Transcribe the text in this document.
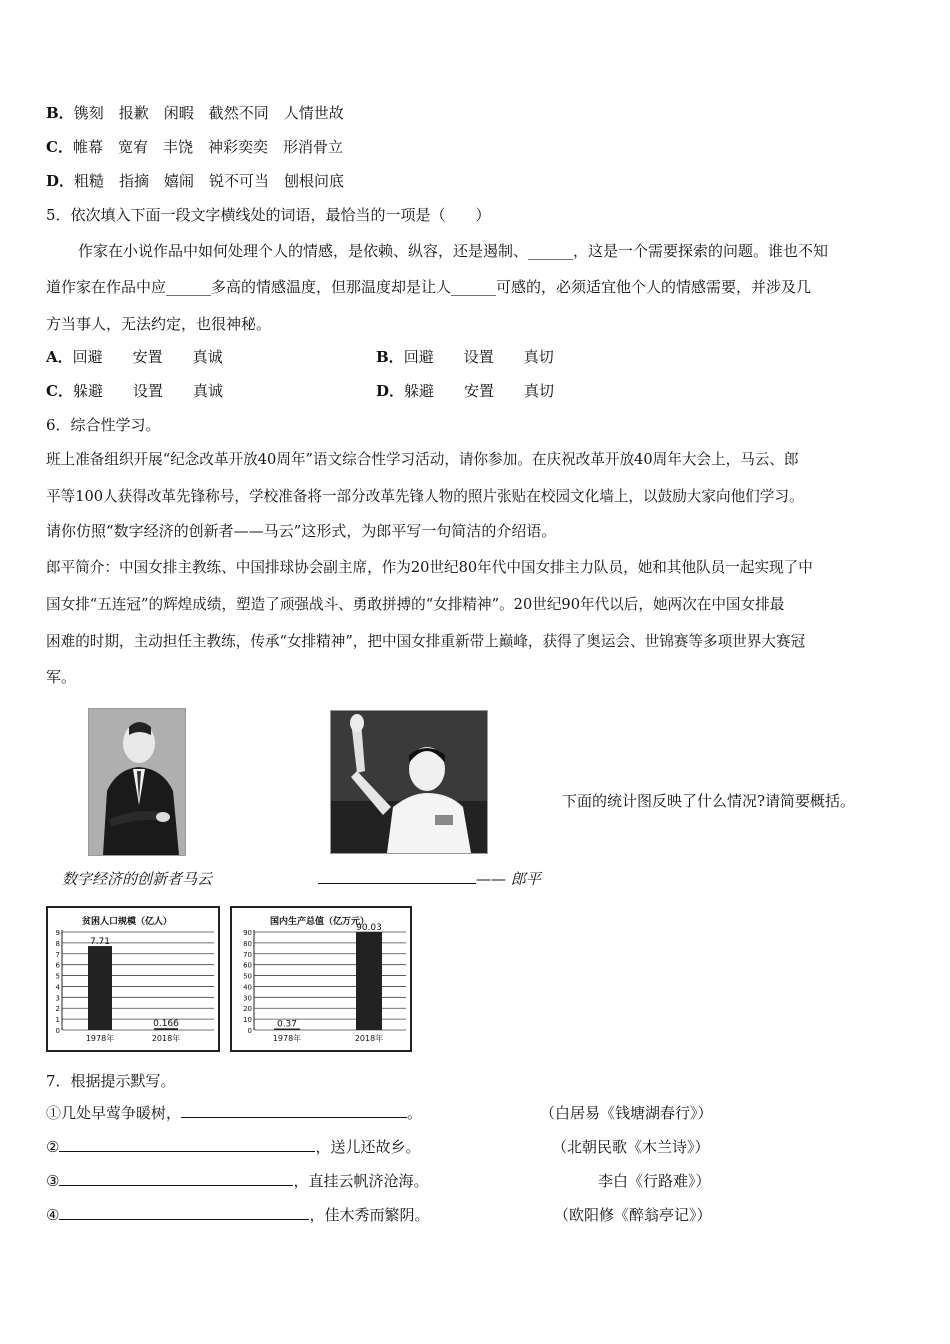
B．镌刻　报歉　闲暇　截然不同　人情世故
C．帷幕　宽宥　丰饶　神彩奕奕　形消骨立
D．粗糙　指摘　嬉闹　锐不可当　刨根问底
5．依次填入下面一段文字横线处的词语，最恰当的一项是（　　）
作家在小说作品中如何处理个人的情感，是依赖、纵容，还是遏制、______，这是一个需要探索的问题。谁也不知
道作家在作品中应______多高的情感温度，但那温度却是让人______可感的，必须适宜他个人的情感需要，并涉及几
方当事人，无法约定，也很神秘。
A．回避　　安置　　真诚	B．回避　　设置　　真切
C．躲避　　设置　　真诚	D．躲避　　安置　　真切
6．综合性学习。
班上准备组织开展“纪念改革开放40周年”语文综合性学习活动，请你参加。在庆祝改革开放40周年大会上，马云、郎
平等100人获得改革先锋称号，学校准备将一部分改革先锋人物的照片张贴在校园文化墙上，以鼓励大家向他们学习。
请你仿照“数字经济的创新者——马云”这形式，为郎平写一句简洁的介绍语。
郎平简介：中国女排主教练、中国排球协会副主席，作为20世纪80年代中国女排主力队员，她和其他队员一起实现了中
国女排“五连冠”的辉煌成绩，塑造了顽强战斗、勇敢拼搏的“女排精神”。20世纪90年代以后，她两次在中国女排最
困难的时期，主动担任主教练，传承“女排精神”，把中国女排重新带上巅峰，获得了奥运会、世锦赛等多项世界大赛冠
军。
数字经济的创新者马云	—— 郎平
下面的统计图反映了什么情况?请简要概括。
贫困人口规模（亿人）
0
1
2
3
4
5
6
7
8
9
7.71
1978年
0.166
2018年
国内生产总值（亿万元）
0
10
20
30
40
50
60
70
80
90
0.37
1978年
90.03
2018年
7．根据提示默写。
①几处早莺争暖树，	。	（白居易《钱塘湖春行》）
②	，送儿还故乡。	（北朝民歌《木兰诗》）
③	，直挂云帆济沧海。	李白《行路难》）
④	，佳木秀而繁阴。	（欧阳修《醉翁亭记》）
